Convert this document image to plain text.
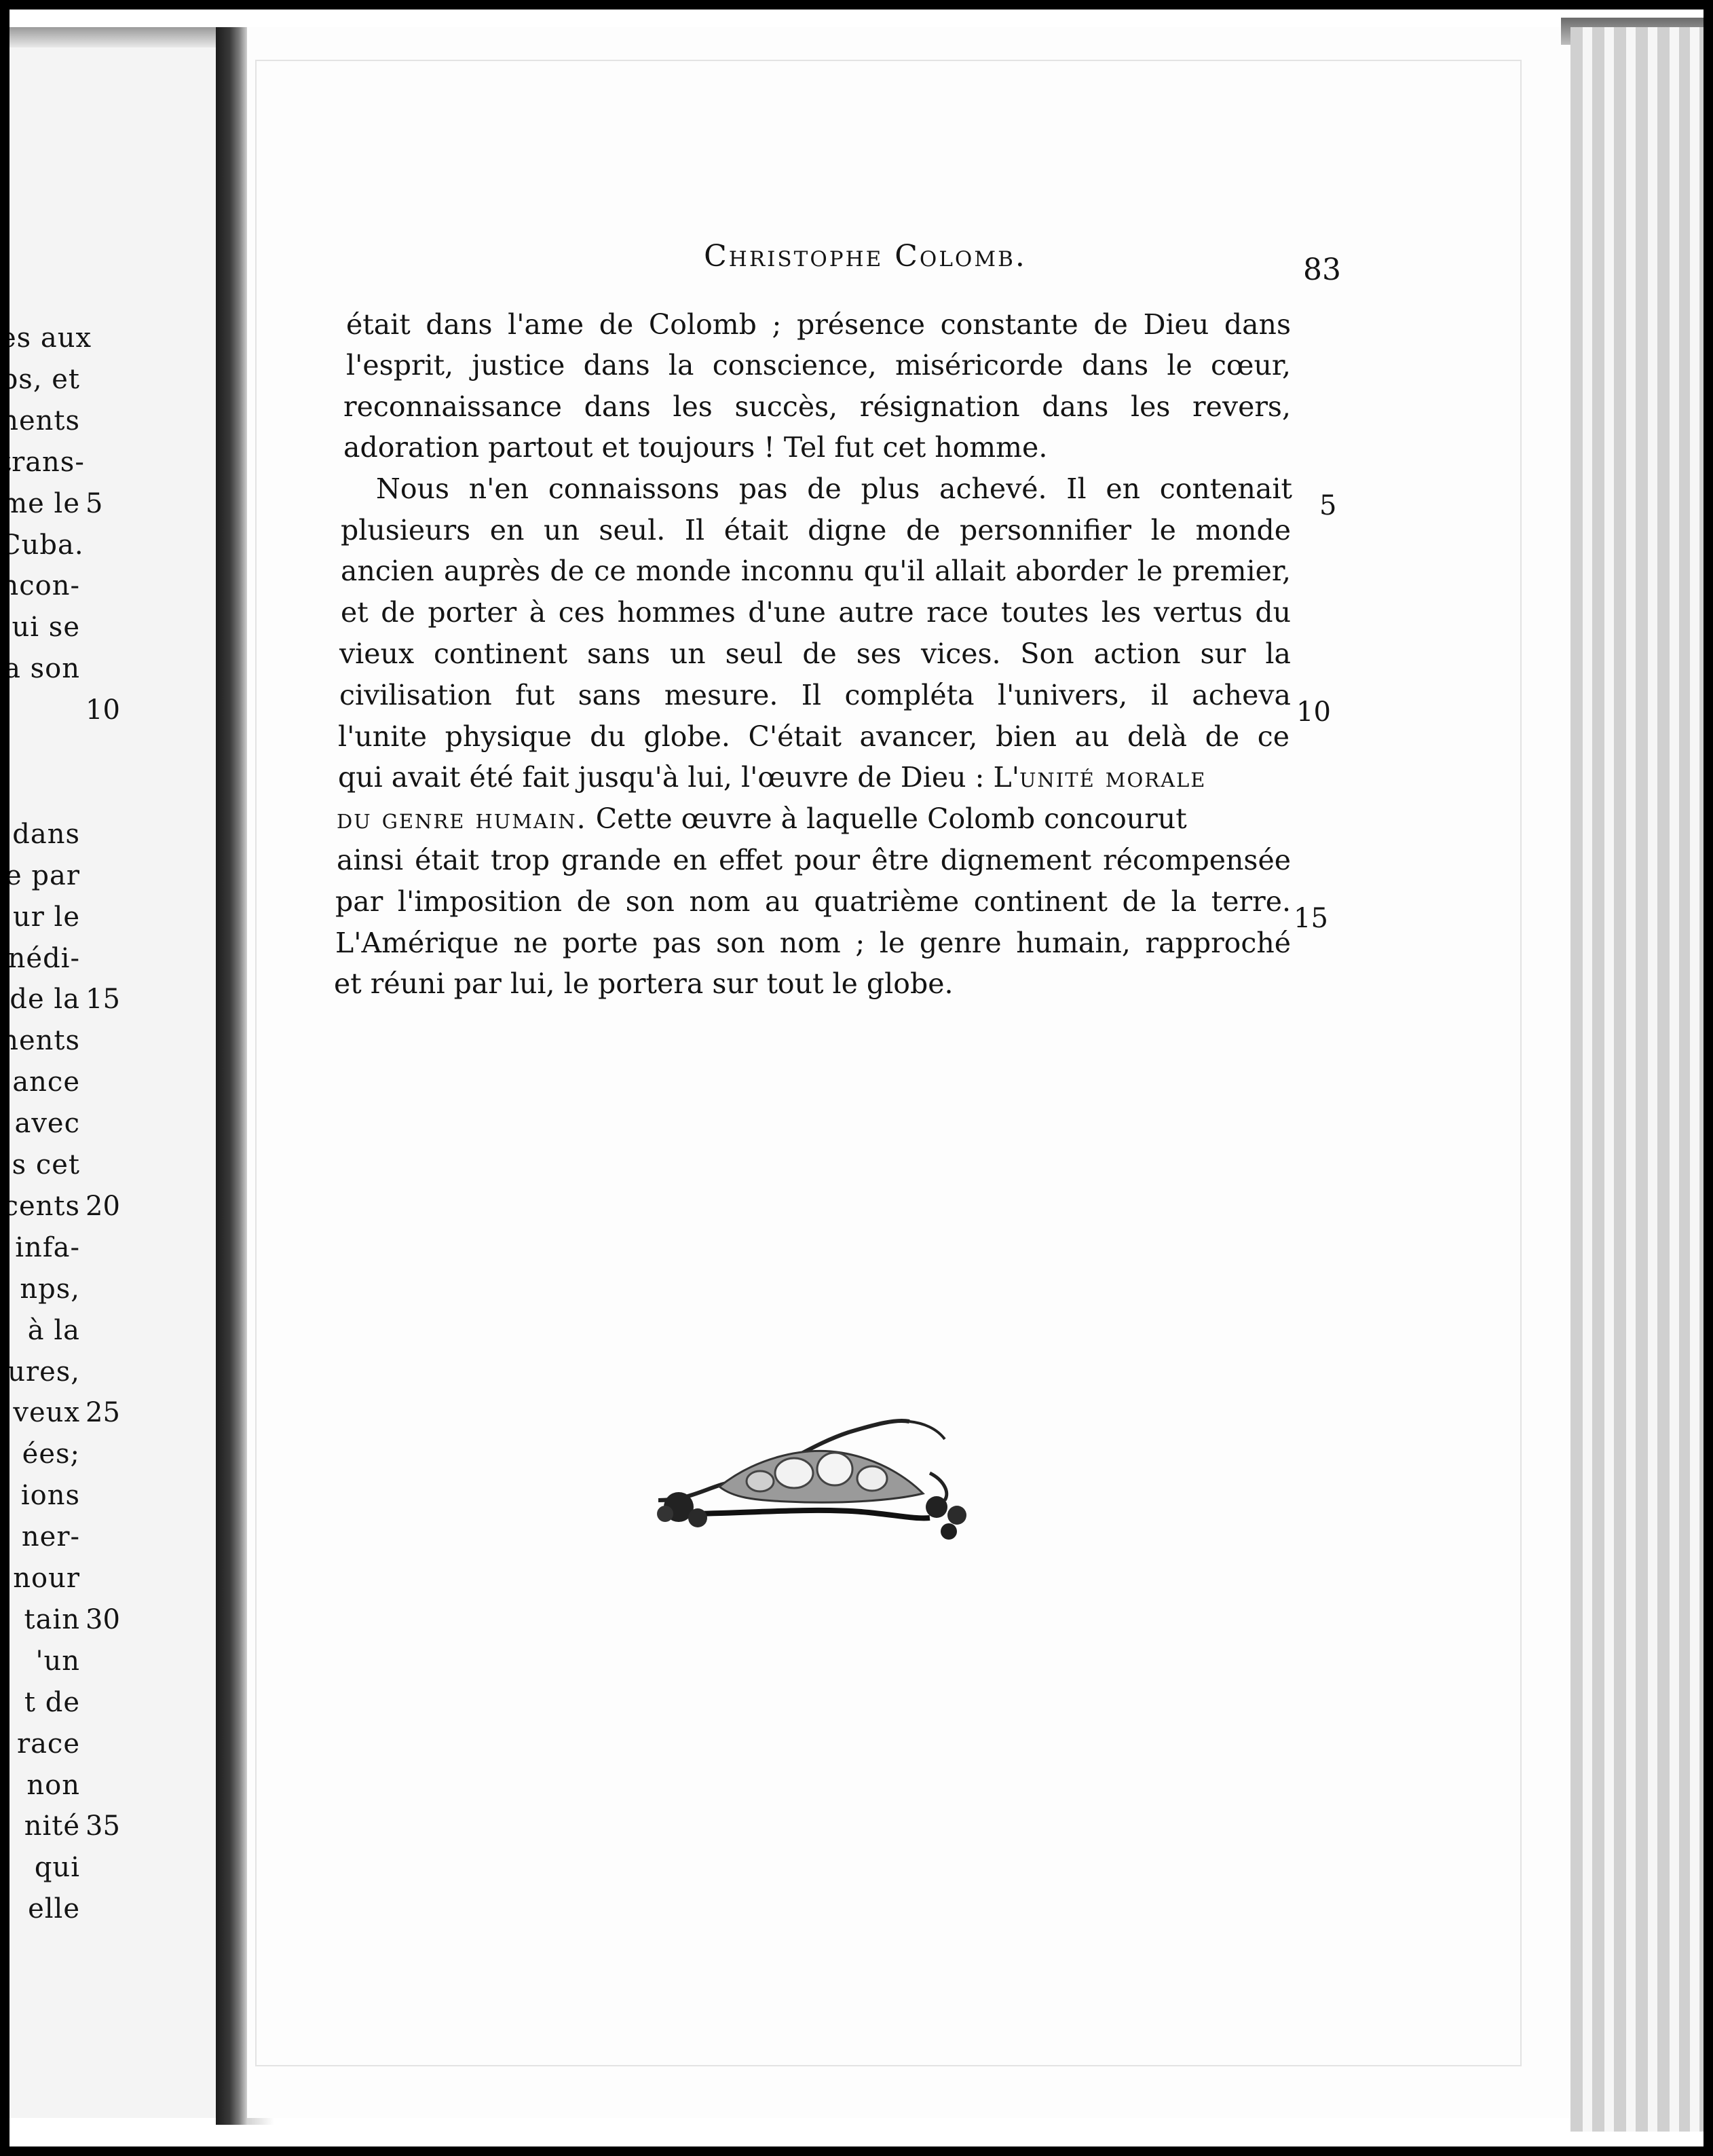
es aux
ps, et
nents
trans-
me le
Cuba.
ncon-
ui se
a son
dans
e par
ur le
nédi-
de la
nents
ance
avec
s cet
cents
infa-
nps,
à la
ures,
veux
ées;
ions
ner-
nour
tain
'un
t de
race
non
nité
qui
elle
5
10
15
20
25
30
35
Christophe Colomb.	83
était dans l'ame de Colomb ; présence constante de Dieu dans
l'esprit, justice dans la conscience, miséricorde dans le cœur,
reconnaissance dans les succès, résignation dans les revers,
adoration partout et toujours ! Tel fut cet homme.
Nous n'en connaissons pas de plus achevé. Il en contenait
plusieurs en un seul. Il était digne de personnifier le monde
ancien auprès de ce monde inconnu qu'il allait aborder le premier,
et de porter à ces hommes d'une autre race toutes les vertus du
vieux continent sans un seul de ses vices. Son action sur la
civilisation fut sans mesure. Il compléta l'univers, il acheva
l'unite physique du globe. C'était avancer, bien au delà de ce
qui avait été fait jusqu'à lui, l'œuvre de Dieu : L'unité morale
du genre humain. Cette œuvre à laquelle Colomb concourut
ainsi était trop grande en effet pour être dignement récompensée
par l'imposition de son nom au quatrième continent de la terre.
L'Amérique ne porte pas son nom ; le genre humain, rapproché
et réuni par lui, le portera sur tout le globe.
5
10
15
